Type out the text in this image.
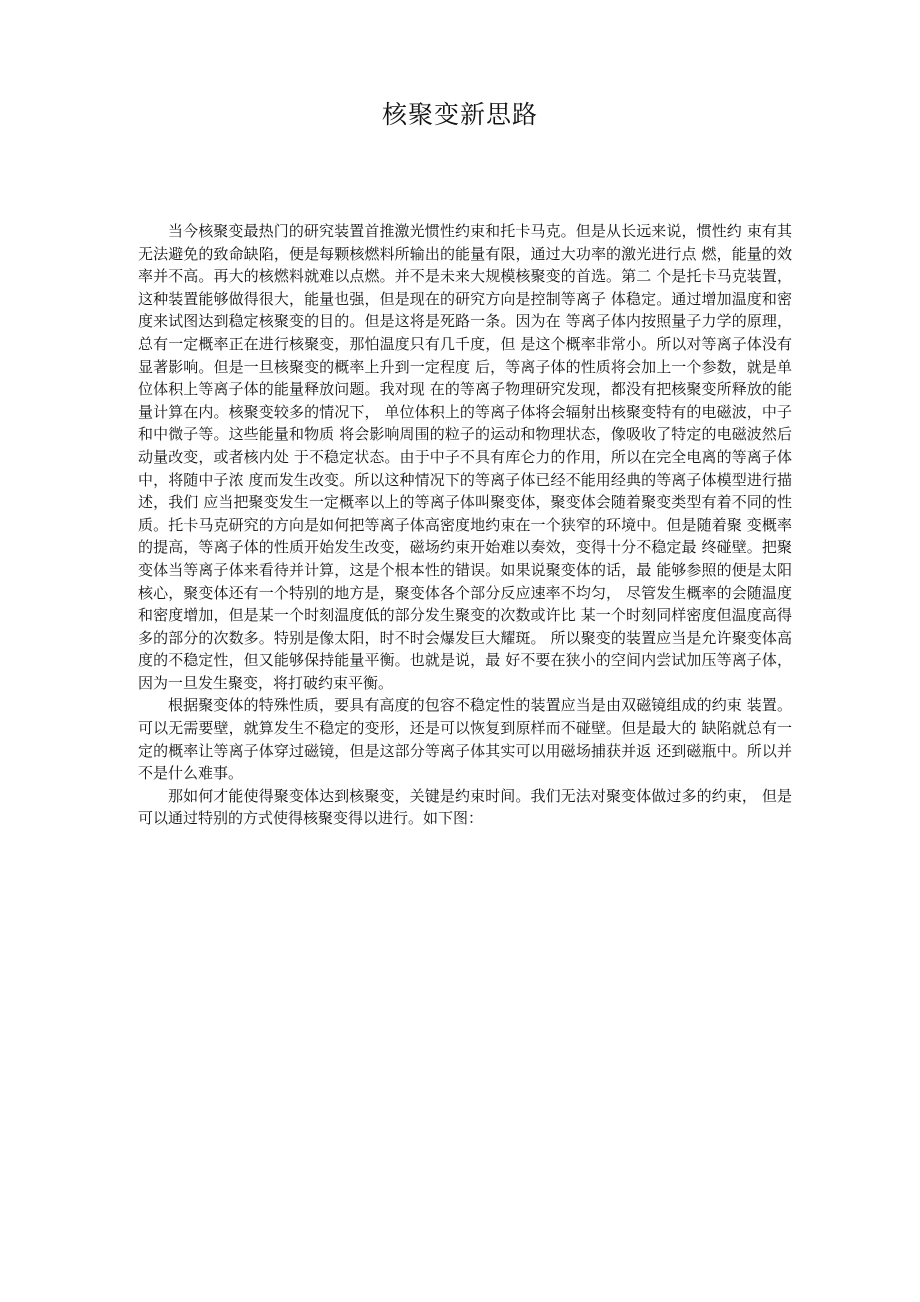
核聚变新思路

当今核聚变最热门的研究装置首推激光惯性约束和托卡马克。但是从长远来说，惯性约 束有其无法避免的致命缺陷，便是每颗核燃料所输出的能量有限，通过大功率的激光进行点 燃，能量的效率并不高。再大的核燃料就难以点燃。并不是未来大规模核聚变的首选。第二 个是托卡马克装置，这种装置能够做得很大，能量也强，但是现在的研究方向是控制等离子 体稳定。通过增加温度和密度来试图达到稳定核聚变的目的。但是这将是死路一条。因为在 等离子体内按照量子力学的原理，总有一定概率正在进行核聚变，那怕温度只有几千度，但 是这个概率非常小。所以对等离子体没有显著影响。但是一旦核聚变的概率上升到一定程度 后，等离子体的性质将会加上一个参数，就是单位体积上等离子体的能量释放问题。我对现 在的等离子物理研究发现，都没有把核聚变所释放的能量计算在内。核聚变较多的情况下， 单位体积上的等离子体将会辐射出核聚变特有的电磁波，中子和中微子等。这些能量和物质 将会影响周围的粒子的运动和物理状态，像吸收了特定的电磁波然后动量改变，或者核内处 于不稳定状态。由于中子不具有库仑力的作用，所以在完全电离的等离子体中，将随中子浓 度而发生改变。所以这种情况下的等离子体已经不能用经典的等离子体模型进行描述，我们 应当把聚变发生一定概率以上的等离子体叫聚变体，聚变体会随着聚变类型有着不同的性 质。托卡马克研究的方向是如何把等离子体高密度地约束在一个狭窄的环境中。但是随着聚 变概率的提高，等离子体的性质开始发生改变，磁场约束开始难以奏效，变得十分不稳定最 终碰壁。把聚变体当等离子体来看待并计算，这是个根本性的错误。如果说聚变体的话，最 能够参照的便是太阳核心，聚变体还有一个特别的地方是，聚变体各个部分反应速率不均匀， 尽管发生概率的会随温度和密度增加，但是某一个时刻温度低的部分发生聚变的次数或许比 某一个时刻同样密度但温度高得多的部分的次数多。特别是像太阳，时不时会爆发巨大耀斑。 所以聚变的装置应当是允许聚变体高度的不稳定性，但又能够保持能量平衡。也就是说，最 好不要在狭小的空间内尝试加压等离子体，因为一旦发生聚变，将打破约束平衡。

根据聚变体的特殊性质，要具有高度的包容不稳定性的装置应当是由双磁镜组成的约束 装置。可以无需要壁，就算发生不稳定的变形，还是可以恢复到原样而不碰壁。但是最大的 缺陷就总有一定的概率让等离子体穿过磁镜，但是这部分等离子体其实可以用磁场捕获并返 还到磁瓶中。所以并不是什么难事。

那如何才能使得聚变体达到核聚变，关键是约束时间。我们无法对聚变体做过多的约束， 但是可以通过特别的方式使得核聚变得以进行。如下图：
